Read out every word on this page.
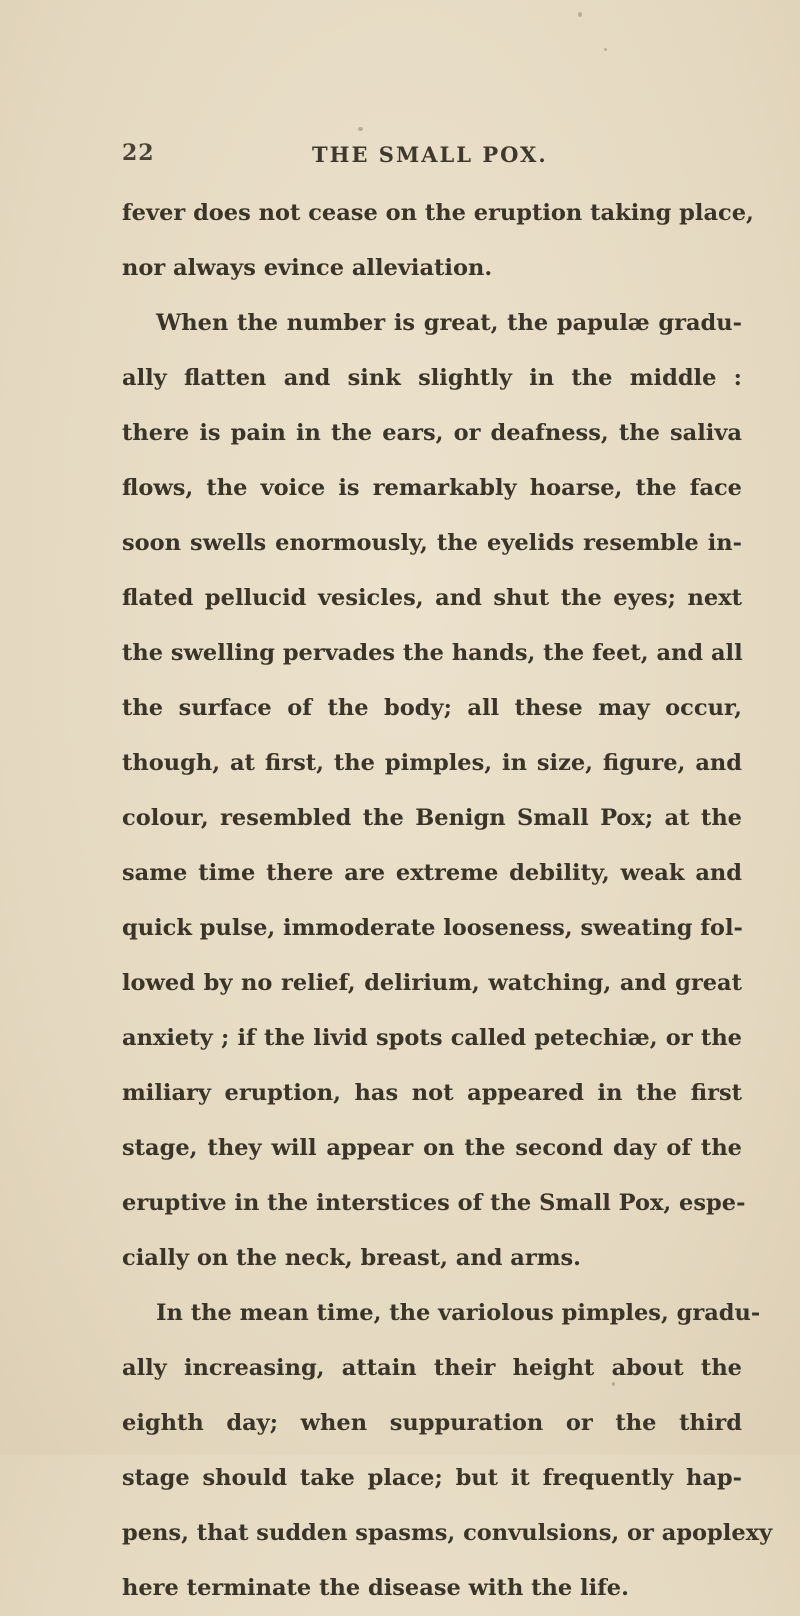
22	THE SMALL POX.
fever does not cease on the eruption taking place,
nor always evince alleviation.
When the number is great, the papulæ gradu-
ally flatten and sink slightly in the middle :
there is pain in the ears, or deafness, the saliva
flows, the voice is remarkably hoarse, the face
soon swells enormously, the eyelids resemble in-
flated pellucid vesicles, and shut the eyes; next
the swelling pervades the hands, the feet, and all
the surface of the body; all these may occur,
though, at first, the pimples, in size, figure, and
colour, resembled the Benign Small Pox; at the
same time there are extreme debility, weak and
quick pulse, immoderate looseness, sweating fol-
lowed by no relief, delirium, watching, and great
anxiety ; if the livid spots called petechiæ, or the
miliary eruption, has not appeared in the first
stage, they will appear on the second day of the
eruptive in the interstices of the Small Pox, espe-
cially on the neck, breast, and arms.
In the mean time, the variolous pimples, gradu-
ally increasing, attain their height about the
eighth day; when suppuration or the third
stage should take place; but it frequently hap-
pens, that sudden spasms, convulsions, or apoplexy
here terminate the disease with the life.
